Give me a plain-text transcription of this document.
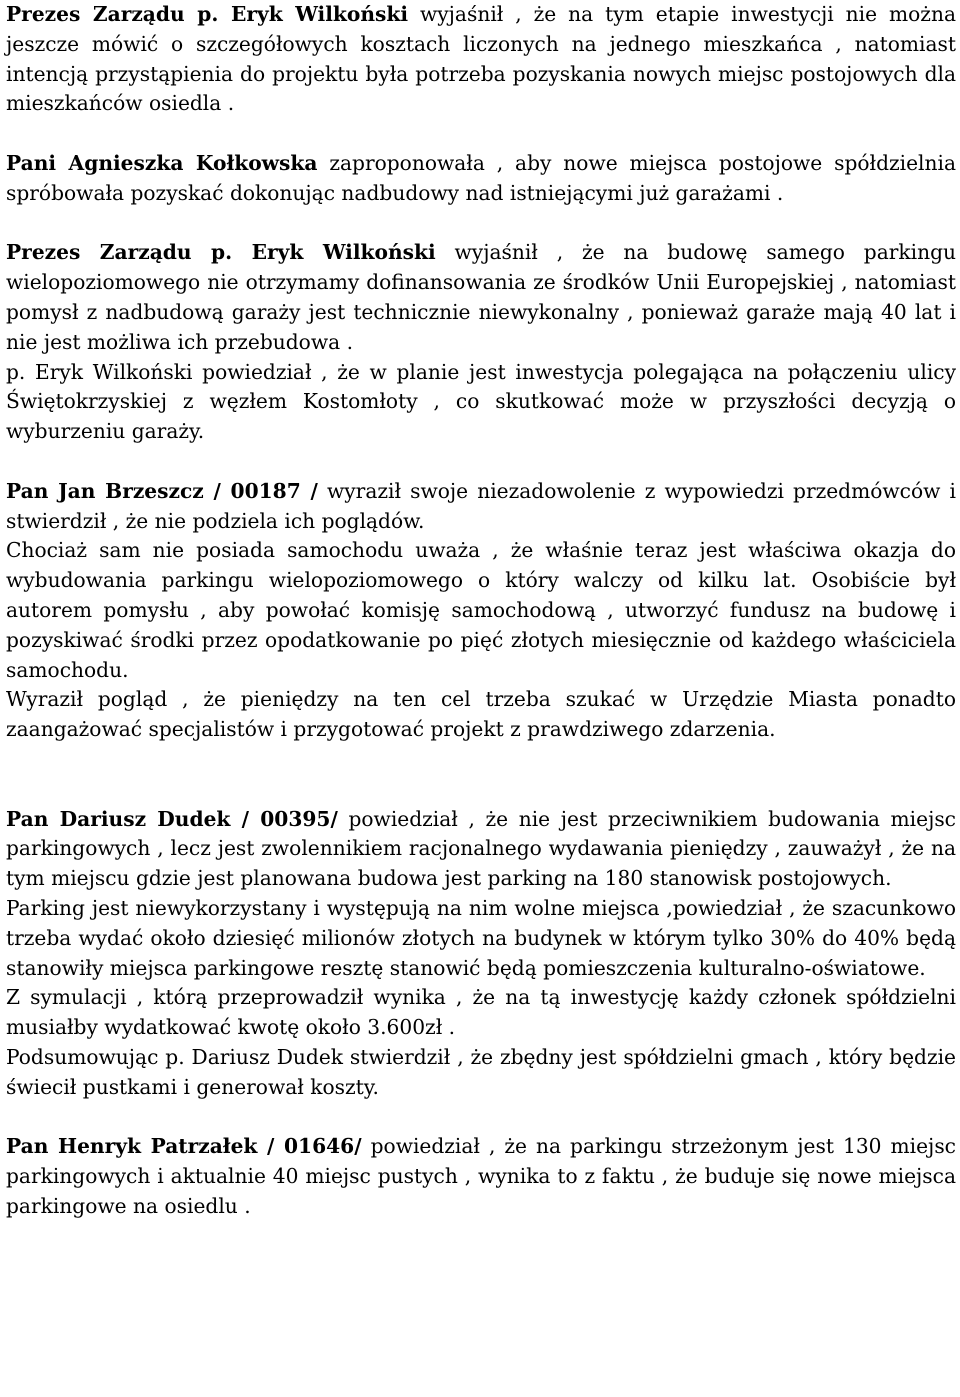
Prezes Zarządu p. Eryk Wilkoński wyjaśnił , że na tym etapie inwestycji nie można jeszcze mówić o szczegółowych kosztach liczonych na jednego mieszkańca , natomiast intencją przystąpienia do projektu była potrzeba pozyskania nowych miejsc postojowych dla mieszkańców osiedla .

Pani Agnieszka Kołkowska zaproponowała , aby nowe miejsca postojowe spółdzielnia spróbowała pozyskać dokonując nadbudowy nad istniejącymi już garażami .

Prezes Zarządu p. Eryk Wilkoński wyjaśnił , że na budowę samego parkingu wielopoziomowego nie otrzymamy dofinansowania ze środków Unii Europejskiej , natomiast pomysł z nadbudową garaży jest technicznie niewykonalny , ponieważ garaże mają 40 lat i nie jest możliwa ich przebudowa .

p. Eryk Wilkoński powiedział , że w planie jest inwestycja polegająca na połączeniu ulicy Świętokrzyskiej z węzłem Kostomłoty , co skutkować może w przyszłości decyzją o wyburzeniu garaży.

Pan Jan Brzeszcz / 00187 / wyraził swoje niezadowolenie z wypowiedzi przedmówców i stwierdził , że nie podziela ich poglądów.

Chociaż sam nie posiada samochodu uważa , że właśnie teraz jest właściwa okazja do wybudowania parkingu wielopoziomowego o który walczy od kilku lat. Osobiście był autorem pomysłu , aby powołać komisję samochodową , utworzyć fundusz na budowę i pozyskiwać środki przez opodatkowanie po pięć złotych miesięcznie od każdego właściciela samochodu.

Wyraził pogląd , że pieniędzy na ten cel trzeba szukać w Urzędzie Miasta ponadto zaangażować specjalistów i przygotować projekt z prawdziwego zdarzenia.

Pan Dariusz Dudek / 00395/ powiedział , że nie jest przeciwnikiem budowania miejsc parkingowych , lecz jest zwolennikiem racjonalnego wydawania pieniędzy , zauważył , że na tym miejscu gdzie jest planowana budowa jest parking na 180 stanowisk postojowych.

Parking jest niewykorzystany i występują na nim wolne miejsca ,powiedział , że szacunkowo trzeba wydać około dziesięć milionów złotych na budynek w którym tylko 30% do 40% będą stanowiły miejsca parkingowe resztę stanowić będą pomieszczenia kulturalno-oświatowe.

Z symulacji , którą przeprowadził wynika , że na tą inwestycję każdy członek spółdzielni musiałby wydatkować kwotę około 3.600zł .

Podsumowując p. Dariusz Dudek stwierdził , że zbędny jest spółdzielni gmach , który będzie świecił pustkami i generował koszty.

Pan Henryk Patrzałek / 01646/ powiedział , że na parkingu strzeżonym jest 130 miejsc parkingowych i aktualnie 40 miejsc pustych , wynika to z faktu , że buduje się nowe miejsca parkingowe na osiedlu .
